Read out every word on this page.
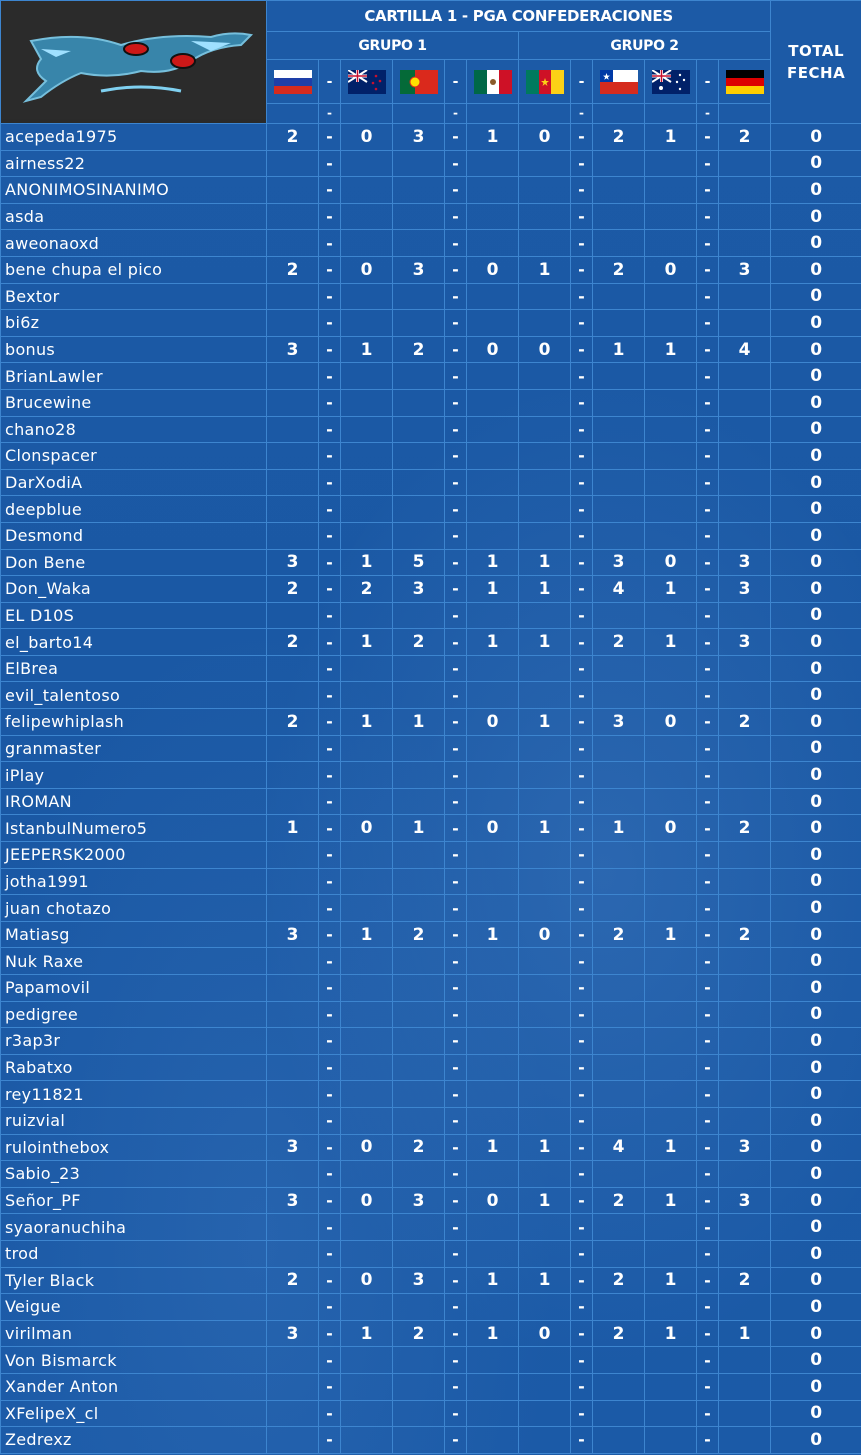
	CARTILLA 1 - PGA CONFEDERACIONES												TOTAL
FECHA
	GRUPO 1						GRUPO 2						
	-			-			-			-	
		-			-			-			-		
acepeda1975	2	-	0	3	-	1	0	-	2	1	-	2	0
airness22		-			-			-			-		0
ANONIMOSINANIMO		-			-			-			-		0
asda		-			-			-			-		0
aweonaoxd		-			-			-			-		0
bene chupa el pico	2	-	0	3	-	0	1	-	2	0	-	3	0
Bextor		-			-			-			-		0
bi6z		-			-			-			-		0
bonus	3	-	1	2	-	0	0	-	1	1	-	4	0
BrianLawler		-			-			-			-		0
Brucewine		-			-			-			-		0
chano28		-			-			-			-		0
Clonspacer		-			-			-			-		0
DarXodiA		-			-			-			-		0
deepblue		-			-			-			-		0
Desmond		-			-			-			-		0
Don Bene	3	-	1	5	-	1	1	-	3	0	-	3	0
Don_Waka	2	-	2	3	-	1	1	-	4	1	-	3	0
EL D10S		-			-			-			-		0
el_barto14	2	-	1	2	-	1	1	-	2	1	-	3	0
ElBrea		-			-			-			-		0
evil_talentoso		-			-			-			-		0
felipewhiplash	2	-	1	1	-	0	1	-	3	0	-	2	0
granmaster		-			-			-			-		0
iPlay		-			-			-			-		0
IROMAN		-			-			-			-		0
IstanbulNumero5	1	-	0	1	-	0	1	-	1	0	-	2	0
JEEPERSK2000		-			-			-			-		0
jotha1991		-			-			-			-		0
juan chotazo		-			-			-			-		0
Matiasg	3	-	1	2	-	1	0	-	2	1	-	2	0
Nuk Raxe		-			-			-			-		0
Papamovil		-			-			-			-		0
pedigree		-			-			-			-		0
r3ap3r		-			-			-			-		0
Rabatxo		-			-			-			-		0
rey11821		-			-			-			-		0
ruizvial		-			-			-			-		0
rulointhebox	3	-	0	2	-	1	1	-	4	1	-	3	0
Sabio_23		-			-			-			-		0
Señor_PF	3	-	0	3	-	0	1	-	2	1	-	3	0
syaoranuchiha		-			-			-			-		0
trod		-			-			-			-		0
Tyler Black	2	-	0	3	-	1	1	-	2	1	-	2	0
Veigue		-			-			-			-		0
virilman	3	-	1	2	-	1	0	-	2	1	-	1	0
Von Bismarck		-			-			-			-		0
Xander Anton		-			-			-			-		0
XFelipeX_cl		-			-			-			-		0
Zedrexz		-			-			-			-		0
